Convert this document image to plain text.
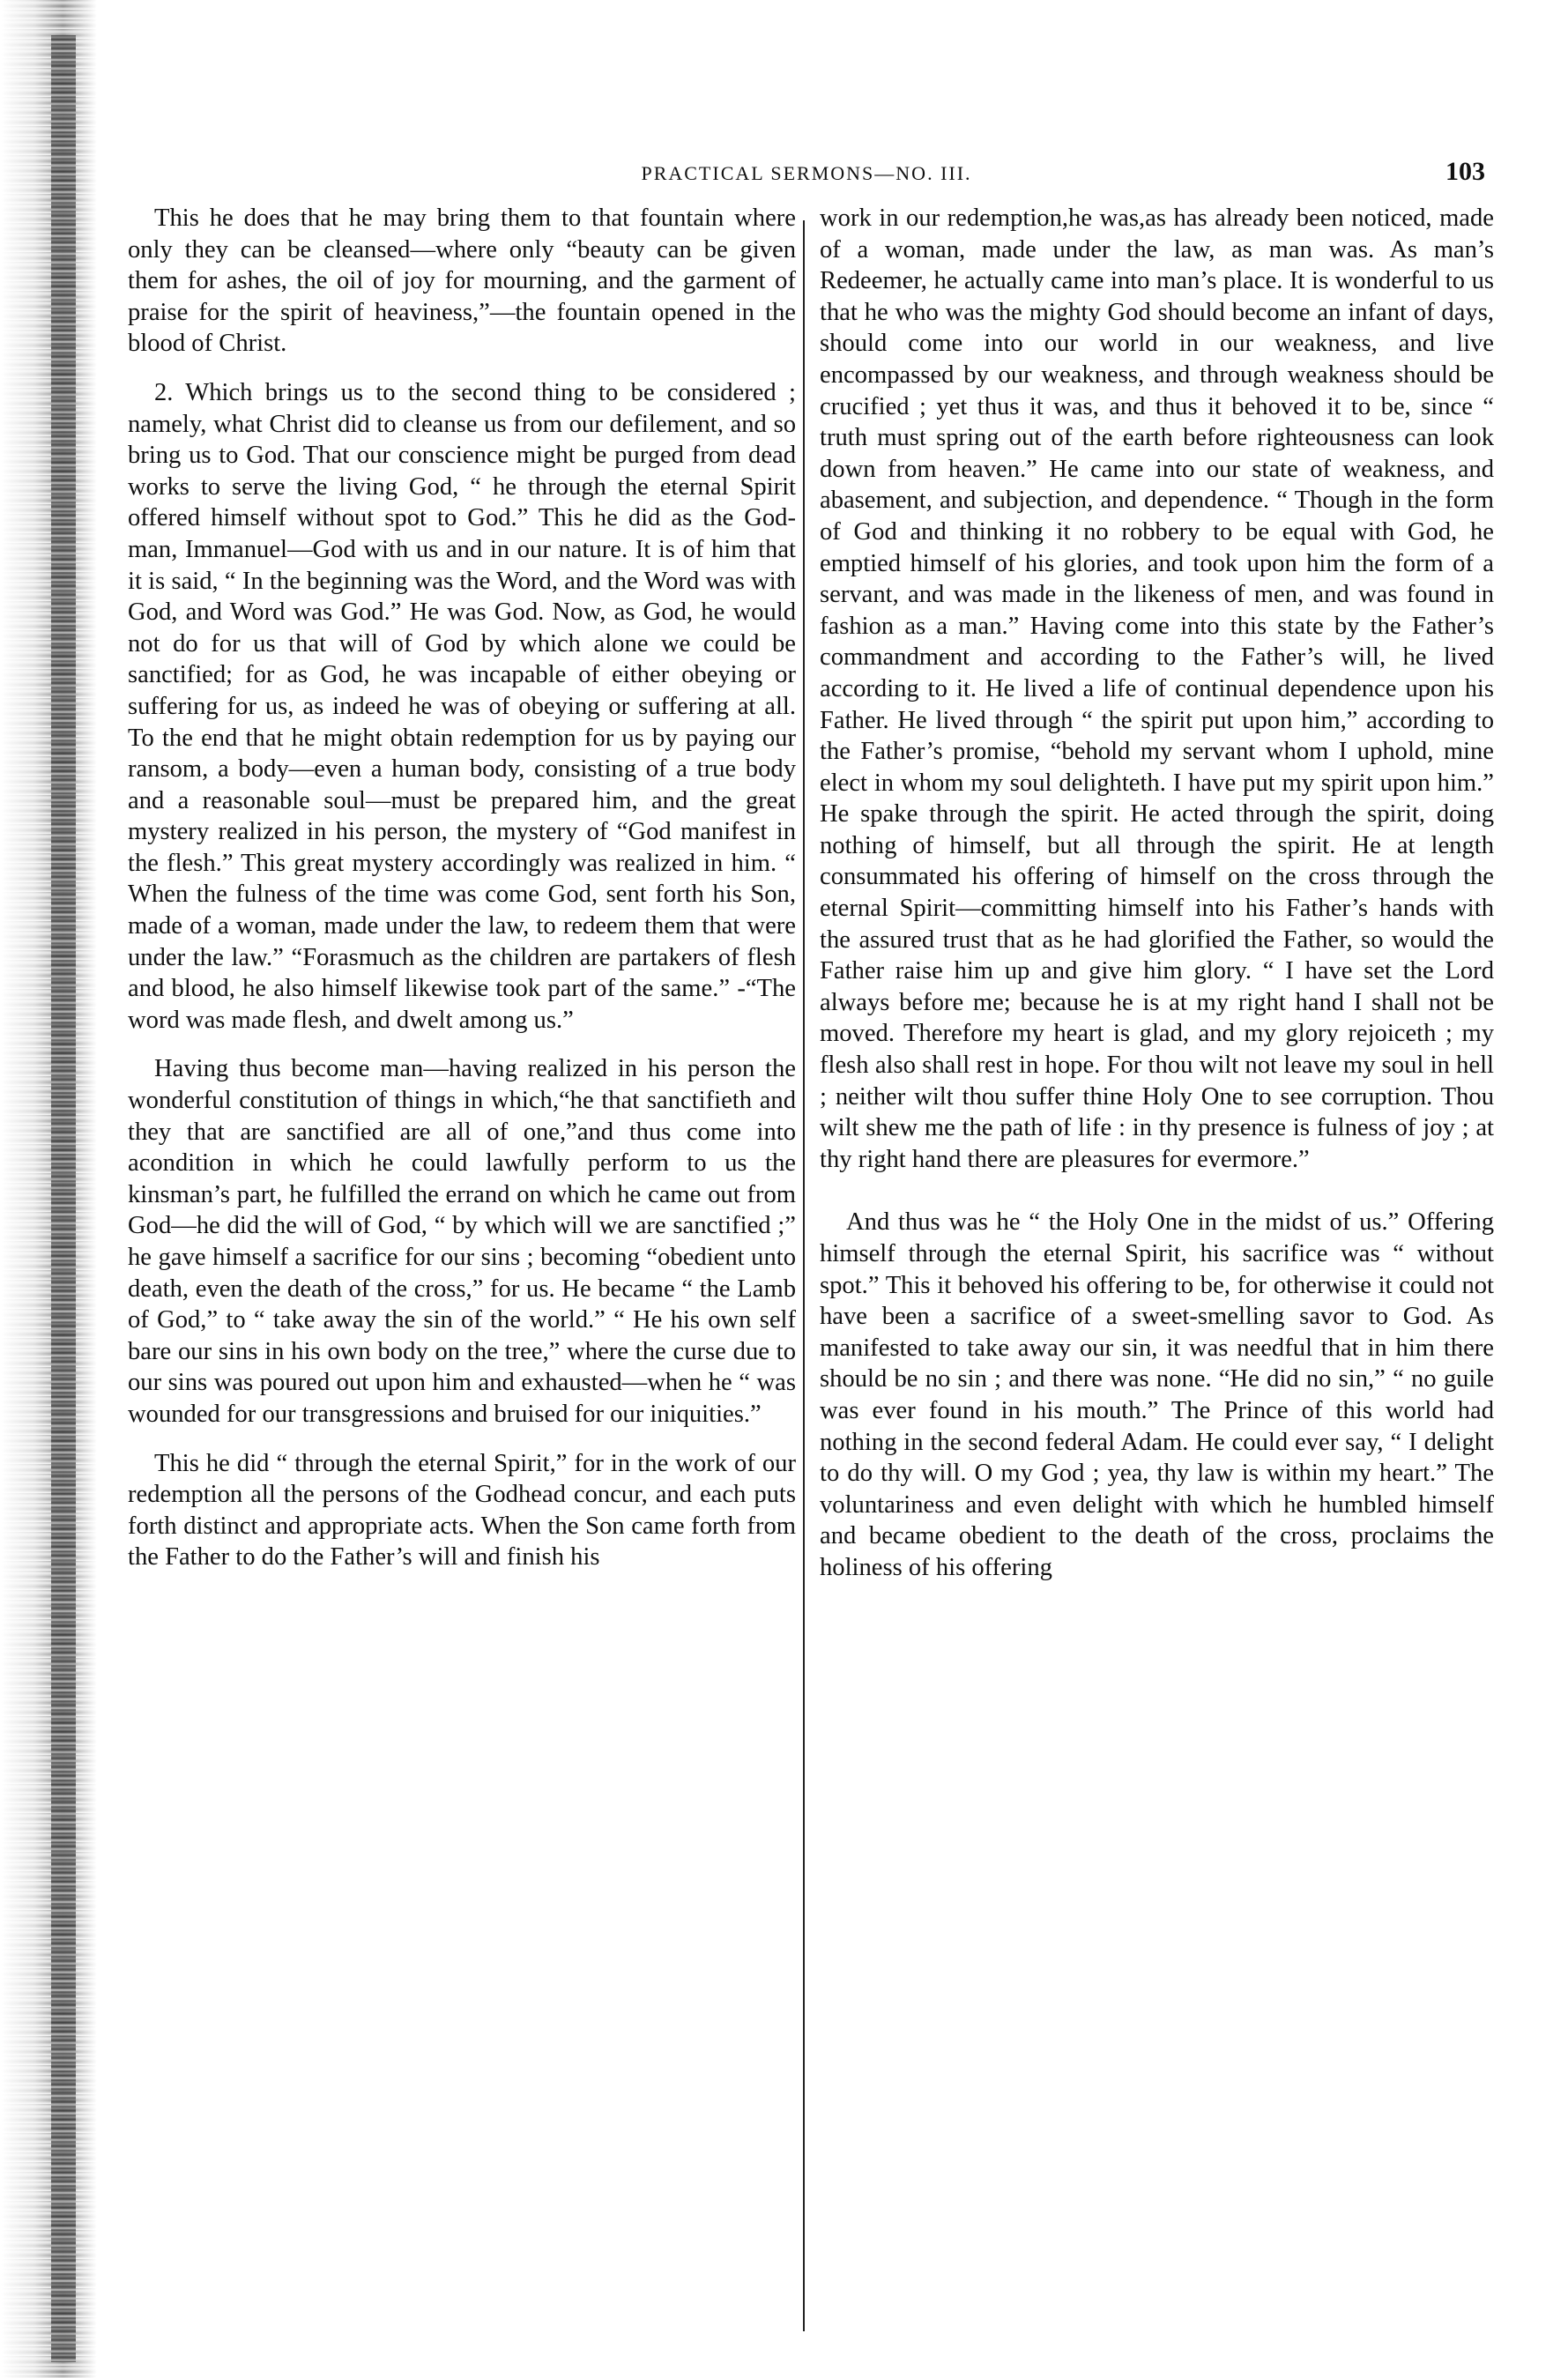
PRACTICAL SERMONS—NO. III.	103

This he does that he may bring them to that fountain where only they can be cleansed—where only “beauty can be given them for ashes, the oil of joy for mourning, and the garment of praise for the spirit of heaviness,”—the fountain opened in the blood of Christ.

2. Which brings us to the second thing to be considered ; namely, what Christ did to cleanse us from our defilement, and so bring us to God. That our conscience might be purged from dead works to serve the living God, “ he through the eternal Spirit offered himself without spot to God.” This he did as the God-man, Immanuel—God with us and in our nature. It is of him that it is said, “ In the beginning was the Word, and the Word was with God, and Word was God.” He was God. Now, as God, he would not do for us that will of God by which alone we could be sanctified; for as God, he was incapable of either obeying or suffering for us, as indeed he was of obeying or suffering at all. To the end that he might obtain redemption for us by paying our ransom, a body—even a human body, consisting of a true body and a reasonable soul—must be prepared him, and the great mystery realized in his person, the mystery of “God manifest in the flesh.” This great mystery accordingly was realized in him. “ When the fulness of the time was come God, sent forth his Son, made of a woman, made under the law, to redeem them that were under the law.” “Forasmuch as the children are partakers of flesh and blood, he also himself likewise took part of the same.” -“The word was made flesh, and dwelt among us.”

Having thus become man—having realized in his person the wonderful constitution of things in which,“he that sanctifieth and they that are sanctified are all of one,”and thus come into acondition in which he could lawfully perform to us the kinsman’s part, he fulfilled the errand on which he came out from God—he did the will of God, “ by which will we are sanctified ;” he gave himself a sacrifice for our sins ; becoming “obedient unto death, even the death of the cross,” for us. He became “ the Lamb of God,” to “ take away the sin of the world.” “ He his own self bare our sins in his own body on the tree,” where the curse due to our sins was poured out upon him and exhausted—when he “ was wounded for our transgressions and bruised for our iniquities.”

This he did “ through the eternal Spirit,” for in the work of our redemption all the persons of the Godhead concur, and each puts forth distinct and appropriate acts. When the Son came forth from the Father to do the Father’s will and finish his

work in our redemption,he was,as has already been noticed, made of a woman, made under the law, as man was. As man’s Redeemer, he actually came into man’s place. It is wonderful to us that he who was the mighty God should become an infant of days, should come into our world in our weakness, and live encompassed by our weakness, and through weakness should be crucified ; yet thus it was, and thus it behoved it to be, since “ truth must spring out of the earth before righteousness can look down from heaven.” He came into our state of weakness, and abasement, and subjection, and dependence. “ Though in the form of God and thinking it no robbery to be equal with God, he emptied himself of his glories, and took upon him the form of a servant, and was made in the likeness of men, and was found in fashion as a man.” Having come into this state by the Father’s commandment and according to the Father’s will, he lived according to it. He lived a life of continual dependence upon his Father. He lived through “ the spirit put upon him,” according to the Father’s promise, “behold my servant whom I uphold, mine elect in whom my soul delighteth. I have put my spirit upon him.” He spake through the spirit. He acted through the spirit, doing nothing of himself, but all through the spirit. He at length consummated his offering of himself on the cross through the eternal Spirit—committing himself into his Father’s hands with the assured trust that as he had glorified the Father, so would the Father raise him up and give him glory. “ I have set the Lord always before me; because he is at my right hand I shall not be moved. Therefore my heart is glad, and my glory rejoiceth ; my flesh also shall rest in hope. For thou wilt not leave my soul in hell ; neither wilt thou suffer thine Holy One to see corruption. Thou wilt shew me the path of life : in thy presence is fulness of joy ; at thy right hand there are pleasures for evermore.”

And thus was he “ the Holy One in the midst of us.” Offering himself through the eternal Spirit, his sacrifice was “ without spot.” This it behoved his offering to be, for otherwise it could not have been a sacrifice of a sweet-smelling savor to God. As manifested to take away our sin, it was needful that in him there should be no sin ; and there was none. “He did no sin,” “ no guile was ever found in his mouth.” The Prince of this world had nothing in the second federal Adam. He could ever say, “ I delight to do thy will. O my God ; yea, thy law is within my heart.” The voluntariness and even delight with which he humbled himself and became obedient to the death of the cross, proclaims the holiness of his offering
